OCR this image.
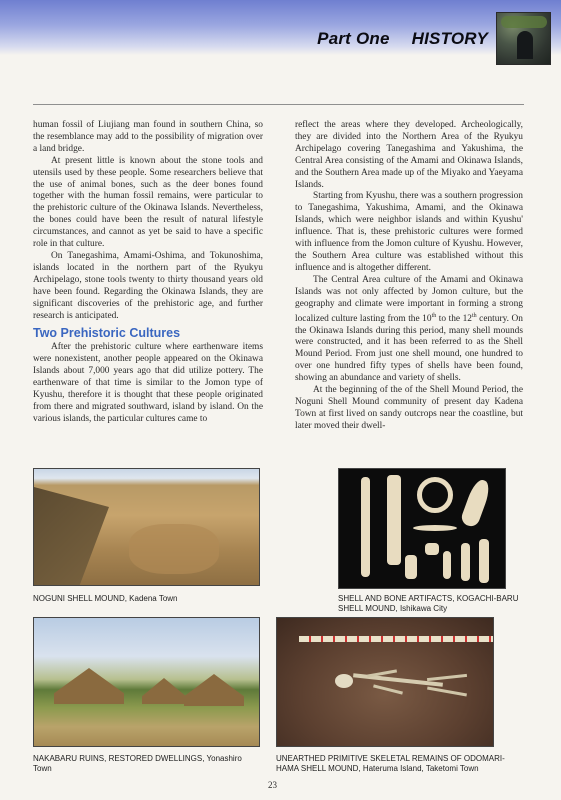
Part One HISTORY

human fossil of Liujiang man found in southern China, so the resemblance may add to the possibility of migration over a land bridge.

At present little is known about the stone tools and utensils used by these people. Some researchers believe that the use of animal bones, such as the deer bones found together with the human fossil remains, were particular to the prehistoric culture of the Okinawa Islands. Nevertheless, the bones could have been the result of natural lifestyle circumstances, and cannot as yet be said to have a specific role in that culture.

On Tanegashima, Amami-Oshima, and Tokunoshima, islands located in the northern part of the Ryukyu Archipelago, stone tools twenty to thirty thousand years old have been found. Regarding the Okinawa Islands, they are significant discoveries of the prehistoric age, and further research is anticipated.

Two Prehistoric Cultures

After the prehistoric culture where earthenware items were nonexistent, another people appeared on the Okinawa Islands about 7,000 years ago that did utilize pottery. The earthenware of that time is similar to the Jomon type of Kyushu, therefore it is thought that these people originated from there and migrated southward, island by island. On the various islands, the particular cultures came to

reflect the areas where they developed. Archeologically, they are divided into the Northern Area of the Ryukyu Archipelago covering Tanegashima and Yakushima, the Central Area consisting of the Amami and Okinawa Islands, and the Southern Area made up of the Miyako and Yaeyama Islands.

Starting from Kyushu, there was a southern progression to Tanegashima, Yakushima, Amami, and the Okinawa Islands, which were neighbor islands and within Kyushu' influence. That is, these prehistoric cultures were formed with influence from the Jomon culture of Kyushu. However, the Southern Area culture was established without this influence and is altogether different.

The Central Area culture of the Amami and Okinawa Islands was not only affected by Jomon culture, but the geography and climate were important in forming a strong localized culture lasting from the 10th to the 12th century. On the Okinawa Islands during this period, many shell mounds were constructed, and it has been referred to as the Shell Mound Period. From just one shell mound, one hundred to over one hundred fifty types of shells have been found, showing an abundance and variety of shells.

At the beginning of the of the Shell Mound Period, the Noguni Shell Mound community of present day Kadena Town at first lived on sandy outcrops near the coastline, but later moved their dwell-

NOGUNI SHELL MOUND, Kadena Town	SHELL AND BONE ARTIFACTS, KOGACHI-BARU SHELL MOUND, Ishikawa City
NAKABARU RUINS, RESTORED DWELLINGS, Yonashiro Town
UNEARTHED PRIMITIVE SKELETAL REMAINS OF ODOMARI-HAMA SHELL MOUND, Hateruma Island, Taketomi Town
23
